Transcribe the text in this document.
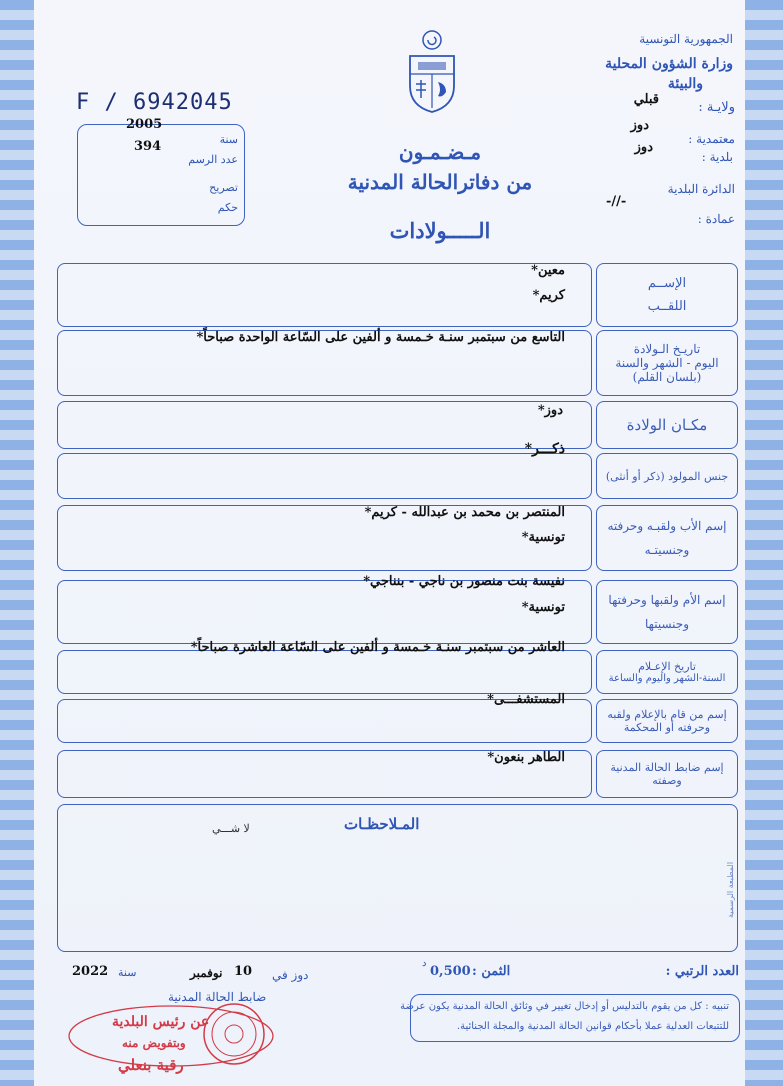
F / 6942045
الجمهورية التونسية
وزارة الشؤون المحلية
والبيئة
ولايـة :
قبلي
دوز
معتمدية :
دوز
بلدية :
الدائرة البلدية
-//-
عمادة :
2005
سنة
394
عدد الرسم
تصريح
حكم
مـضـمـون
من دفاترالحالة المدنية
الـــــولادات
الإســم
اللقــب
معين*
كريم*
تاريـخ الـولادة
اليوم - الشهر والسنة
(بلسان القلم)
التاسع من سبتمبر سنـة خـمسة و ألفين على السّاعة الواحدة صباحاً*
مكـان الولادة
دوز*
جنس المولود (ذكر أو أنثى)
ذكـــر*
إسم الأب ولقبـه وحرفته
وجنسيتـه
المنتصر بن محمد بن عبدالله - كريم*
تونسية*
إسم الأم ولقبها وحرفتها
وجنسيتها
نفيسة بنت منصور بن ناجي - بنناجي*
تونسية*
تاريخ الإعـلام
السنة-الشهر واليوم والساعة
العاشر من سبتمبر سنـة خـمسة و ألفين على السّاعة العاشرة صباحاً*
إسم من قام بالإعلام ولقبه
وحرفته أو المحكمة
المستشفـــى*
إسم ضابط الحالة المدنية
وصفته
الطاهر بنعون*
المـلاحظـات
لا شـــي
المطبعة الرسمية
العدد الرتبي :
الثمن :
0,500
د
دوز في
10
نوفمبر
سنة
2022
ضابط الحالة المدنية
تنبيه : كل من يقوم بالتدليس أو إدخال تغيير في وثائق الحالة المدنية يكون عرضة
للتتبعات العدلية عملا بأحكام قوانين الحالة المدنية والمجلة الجنائية.
عن رئيس البلدية
وبتفويض منه
رقية بنعلي
